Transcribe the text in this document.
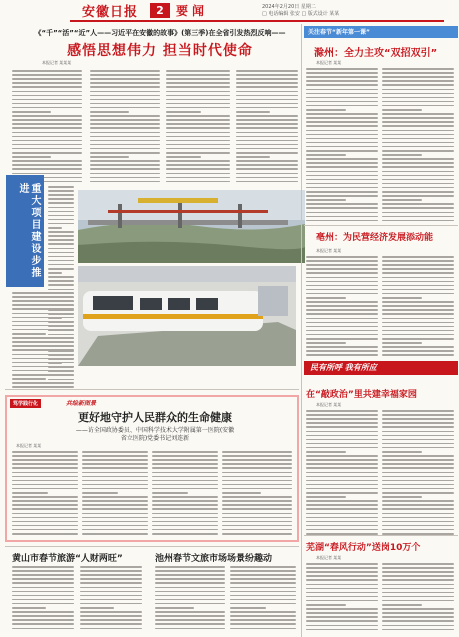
安徽日报	2	要闻	2024年2月20日 星期二
□ 电话编辑 张安 □ 版式设计 某某
《“千”“活”“近”人——习近平在安徽的故事》(第三季)在全省引发热烈反响——
感悟思想伟力 担当时代使命
本报记者 某某某
重大项目建设步推进
关注春节“新年第一课”
滁州：全力主攻“双招双引”
本报记者 某某
亳州：为民营经济发展添动能
本报记者 某某
民有所呼 我有所应
在“敲政治”里共建幸福家园
本报记者 某某
芜湖“春风行动”送岗10万个
本报记者 某某
笃学践行化	共绘新图景
更好地守护人民群众的生命健康
——访全国政协委员、中国科学技术大学附属第一医院(安徽
省立医院)党委书记刘连新
本报记者 某某
黄山市春节旅游“人财两旺”	池州春节文旅市场场景纷趣动
